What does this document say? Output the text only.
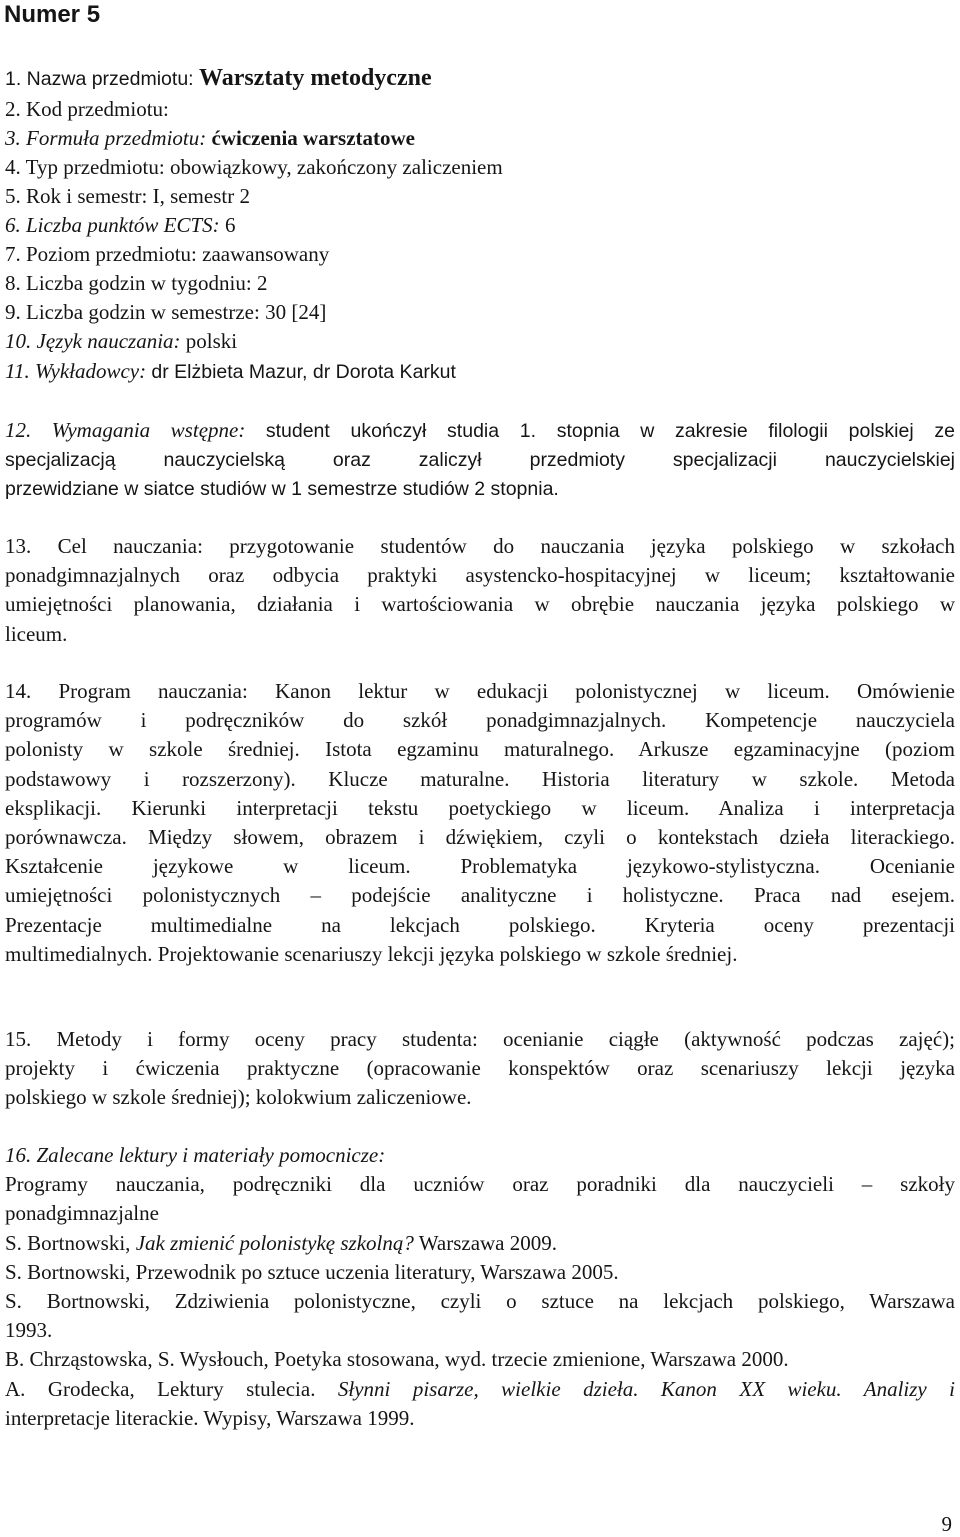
Numer 5
1. Nazwa przedmiotu: Warsztaty metodyczne
2. Kod przedmiotu:
3. Formuła przedmiotu: ćwiczenia warsztatowe
4. Typ przedmiotu: obowiązkowy, zakończony zaliczeniem
5. Rok i semestr: I, semestr 2
6. Liczba punktów ECTS: 6
7. Poziom przedmiotu: zaawansowany
8. Liczba godzin w tygodniu: 2
9. Liczba godzin w semestrze: 30 [24]
10. Język nauczania: polski
11. Wykładowcy: dr Elżbieta Mazur, dr Dorota Karkut
12. Wymagania wstępne: student ukończył studia 1. stopnia w zakresie filologii polskiej ze
specjalizacją nauczycielską oraz zaliczył przedmioty specjalizacji nauczycielskiej
przewidziane w siatce studiów w 1 semestrze studiów 2 stopnia.
13. Cel nauczania: przygotowanie studentów do nauczania języka polskiego w szkołach
ponadgimnazjalnych oraz odbycia praktyki asystencko-hospitacyjnej w liceum; kształtowanie
umiejętności planowania, działania i wartościowania w obrębie nauczania języka polskiego w
liceum.
14. Program nauczania: Kanon lektur w edukacji polonistycznej w liceum. Omówienie
programów i podręczników do szkół ponadgimnazjalnych. Kompetencje nauczyciela
polonisty w szkole średniej. Istota egzaminu maturalnego. Arkusze egzaminacyjne (poziom
podstawowy i rozszerzony). Klucze maturalne. Historia literatury w szkole. Metoda
eksplikacji. Kierunki interpretacji tekstu poetyckiego w liceum. Analiza i interpretacja
porównawcza. Między słowem, obrazem i dźwiękiem, czyli o kontekstach dzieła literackiego.
Kształcenie językowe w liceum. Problematyka językowo-stylistyczna. Ocenianie
umiejętności polonistycznych – podejście analityczne i holistyczne. Praca nad esejem.
Prezentacje multimedialne na lekcjach polskiego. Kryteria oceny prezentacji
multimedialnych. Projektowanie scenariuszy lekcji języka polskiego w szkole średniej.
15. Metody i formy oceny pracy studenta: ocenianie ciągłe (aktywność podczas zajęć);
projekty i ćwiczenia praktyczne (opracowanie konspektów oraz scenariuszy lekcji języka
polskiego w szkole średniej); kolokwium zaliczeniowe.
16. Zalecane lektury i materiały pomocnicze:
Programy nauczania, podręczniki dla uczniów oraz poradniki dla nauczycieli – szkoły
ponadgimnazjalne
S. Bortnowski, Jak zmienić polonistykę szkolną? Warszawa 2009.
S. Bortnowski, Przewodnik po sztuce uczenia literatury, Warszawa 2005.
S. Bortnowski, Zdziwienia polonistyczne, czyli o sztuce na lekcjach polskiego, Warszawa
1993.
B. Chrząstowska, S. Wysłouch, Poetyka stosowana, wyd. trzecie zmienione, Warszawa 2000.
A. Grodecka, Lektury stulecia. Słynni pisarze, wielkie dzieła. Kanon XX wieku. Analizy i
interpretacje literackie. Wypisy, Warszawa 1999.
9
